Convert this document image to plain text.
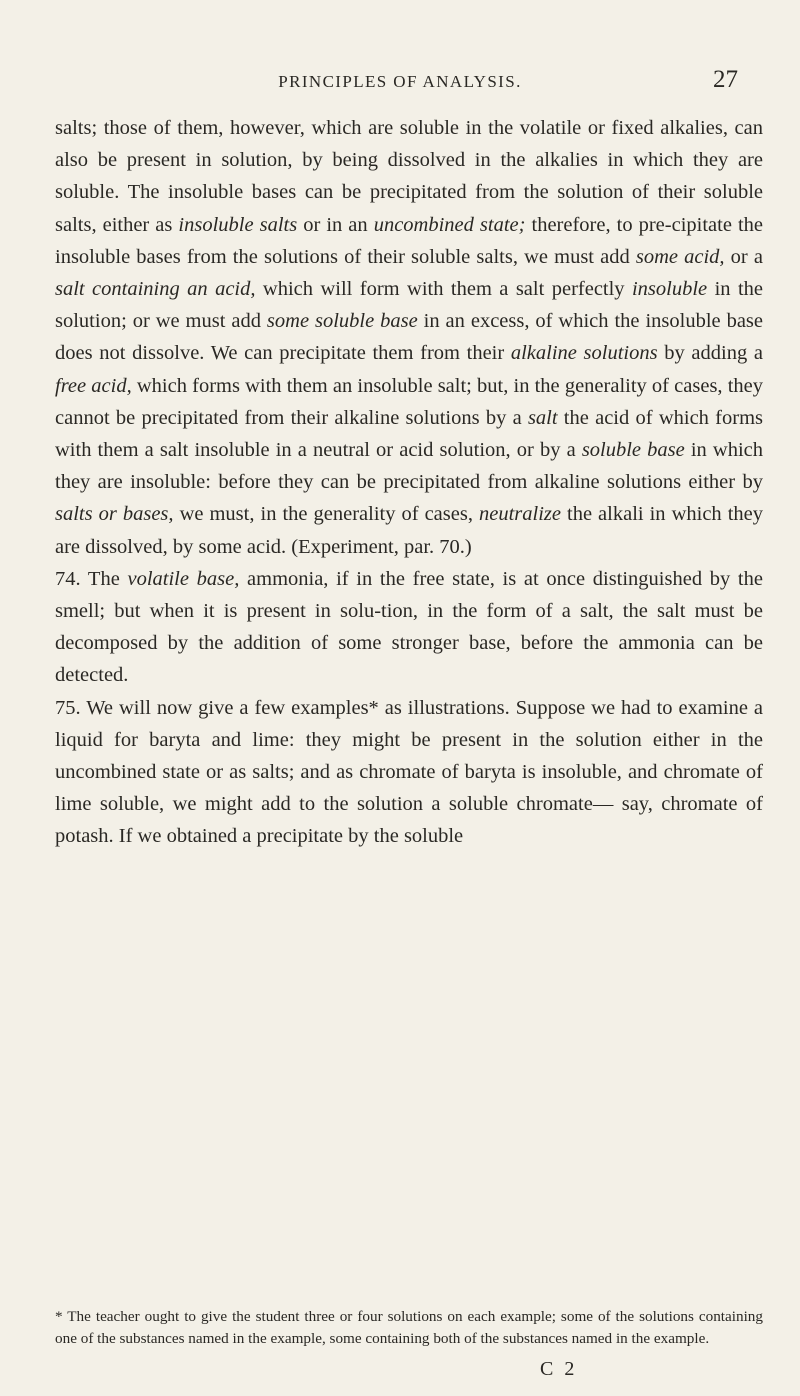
PRINCIPLES OF ANALYSIS.	27

salts; those of them, however, which are soluble in the volatile or fixed alkalies, can also be present in solution, by being dissolved in the alkalies in which they are soluble. The insoluble bases can be precipitated from the solution of their soluble salts, either as insoluble salts or in an uncombined state; therefore, to pre-cipitate the insoluble bases from the solutions of their soluble salts, we must add some acid, or a salt containing an acid, which will form with them a salt perfectly insoluble in the solution; or we must add some soluble base in an excess, of which the insoluble base does not dissolve. We can precipitate them from their alkaline solutions by adding a free acid, which forms with them an insoluble salt; but, in the generality of cases, they cannot be precipitated from their alkaline solutions by a salt the acid of which forms with them a salt insoluble in a neutral or acid solution, or by a soluble base in which they are insoluble: before they can be precipitated from alkaline solutions either by salts or bases, we must, in the generality of cases, neutralize the alkali in which they are dissolved, by some acid. (Experiment, par. 70.)

74. The volatile base, ammonia, if in the free state, is at once distinguished by the smell; but when it is present in solu-tion, in the form of a salt, the salt must be decomposed by the addition of some stronger base, before the ammonia can be detected.

75. We will now give a few examples* as illustrations. Suppose we had to examine a liquid for baryta and lime: they might be present in the solution either in the uncombined state or as salts; and as chromate of baryta is insoluble, and chromate of lime soluble, we might add to the solution a soluble chromate— say, chromate of potash. If we obtained a precipitate by the soluble

* The teacher ought to give the student three or four solutions on each example; some of the solutions containing one of the substances named in the example, some containing both of the substances named in the example.
C 2
